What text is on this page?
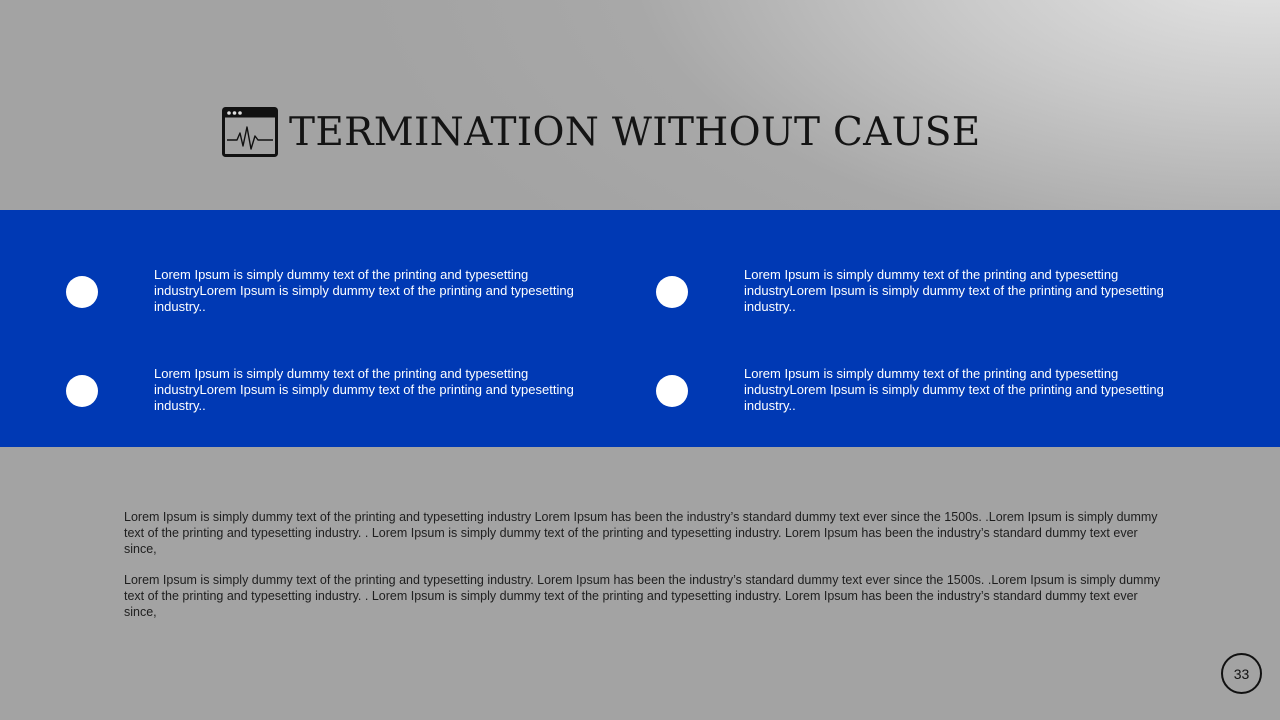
TERMINATION WITHOUT CAUSE
Lorem Ipsum is simply dummy text of the printing and typesetting industryLorem Ipsum is simply dummy text of the printing and typesetting industry..
Lorem Ipsum is simply dummy text of the printing and typesetting industryLorem Ipsum is simply dummy text of the printing and typesetting industry..
Lorem Ipsum is simply dummy text of the printing and typesetting industryLorem Ipsum is simply dummy text of the printing and typesetting industry..
Lorem Ipsum is simply dummy text of the printing and typesetting industryLorem Ipsum is simply dummy text of the printing and typesetting industry..
Lorem Ipsum is simply dummy text of the printing and typesetting industry Lorem Ipsum has been the industry’s standard dummy text ever since the 1500s. .Lorem Ipsum is simply dummy text of the printing and typesetting industry. . Lorem Ipsum is simply dummy text of the printing and typesetting industry. Lorem Ipsum has been the industry’s standard dummy text ever since,
Lorem Ipsum is simply dummy text of the printing and typesetting industry. Lorem Ipsum has been the industry’s standard dummy text ever since the 1500s. .Lorem Ipsum is simply dummy text of the printing and typesetting industry. . Lorem Ipsum is simply dummy text of the printing and typesetting industry. Lorem Ipsum has been the industry’s standard dummy text ever since,
33
